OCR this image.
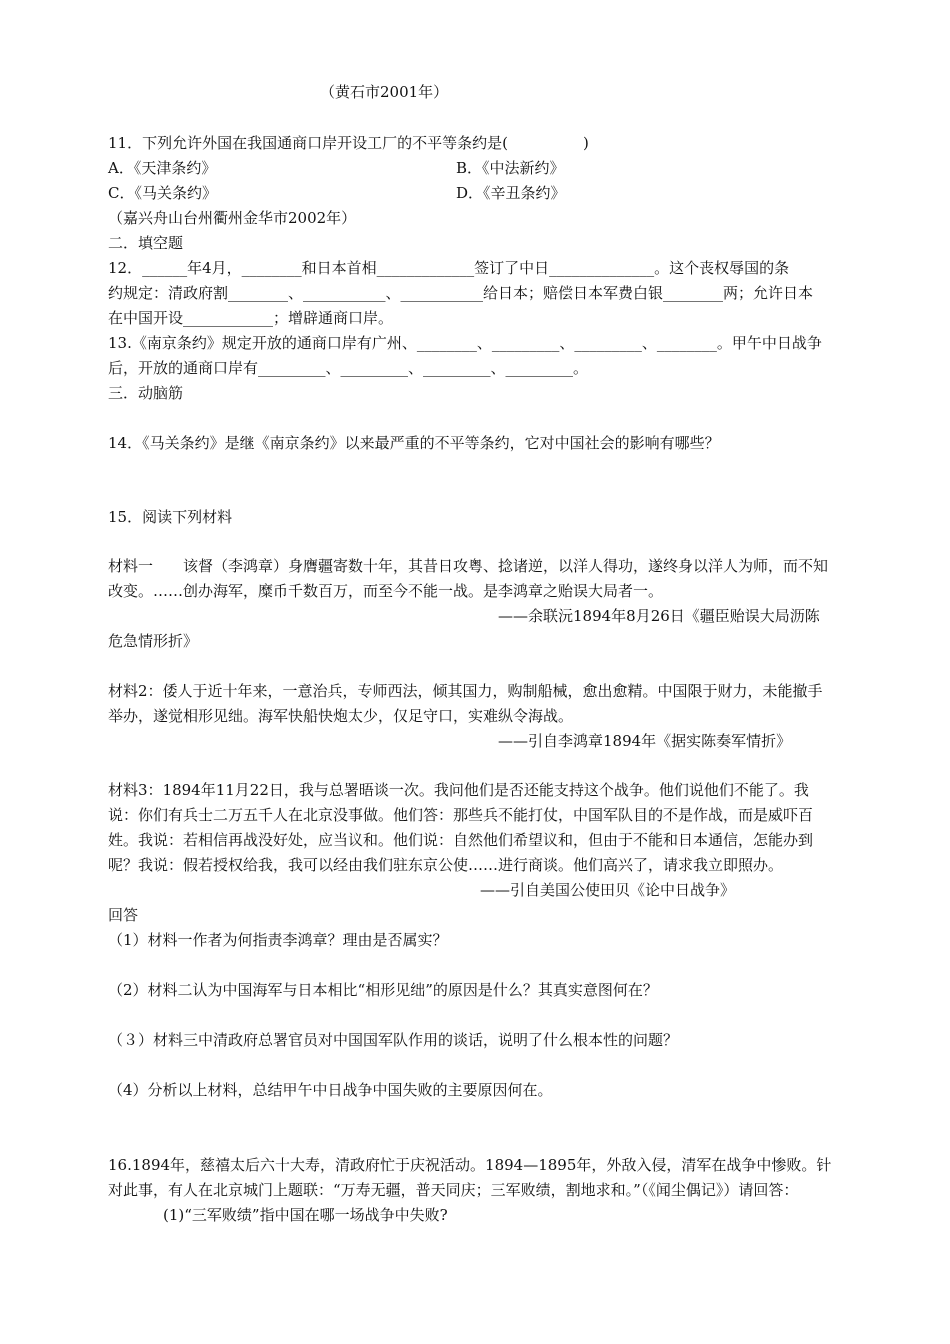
（黄石市2001年）
11．下列允许外国在我国通商口岸开设工厂的不平等条约是(　　　　　)
A．《天津条约》	B．《中法新约》
C．《马关条约》	D．《辛丑条约》
（嘉兴舟山台州衢州金华市2002年）
二．填空题
12．______年4月，________和日本首相_____________签订了中日______________。这个丧权辱国的条
约规定：清政府割________、___________、___________给日本；赔偿日本军费白银________两；允许日本
在中国开设____________；增辟通商口岸。
13.《南京条约》规定开放的通商口岸有广州、________、_________、_________、________。甲午中日战争
后，开放的通商口岸有_________、_________、_________、_________。
三．动脑筋
14．《马关条约》是继《南京条约》以来最严重的不平等条约，它对中国社会的影响有哪些？
15．阅读下列材料
材料一　　该督（李鸿章）身膺疆寄数十年，其昔日攻粤、捻诸逆，以洋人得功，遂终身以洋人为师，而不知
改变。……创办海军，糜币千数百万，而至今不能一战。是李鸿章之贻误大局者一。
——余联沅1894年8月26日《疆臣贻误大局沥陈
危急情形折》
材料2：倭人于近十年来，一意治兵，专师西法，倾其国力，购制船械，愈出愈精。中国限于财力，未能撤手
举办，遂觉相形见绌。海军快船快炮太少，仅足守口，实难纵令海战。
——引自李鸿章1894年《据实陈奏军情折》
材料3：1894年11月22日，我与总署晤谈一次。我问他们是否还能支持这个战争。他们说他们不能了。我
说：你们有兵士二万五千人在北京没事做。他们答：那些兵不能打仗，中国军队目的不是作战，而是威吓百
姓。我说：若相信再战没好处，应当议和。他们说：自然他们希望议和，但由于不能和日本通信，怎能办到
呢？我说：假若授权给我，我可以经由我们驻东京公使……进行商谈。他们高兴了，请求我立即照办。
——引自美国公使田贝《论中日战争》
回答
（1）材料一作者为何指责李鸿章？理由是否属实？
（2）材料二认为中国海军与日本相比“相形见绌”的原因是什么？其真实意图何在？
（３）材料三中清政府总署官员对中国国军队作用的谈话，说明了什么根本性的问题？
（4）分析以上材料，总结甲午中日战争中国失败的主要原因何在。
16.1894年，慈禧太后六十大寿，清政府忙于庆祝活动。1894—1895年，外敌入侵，清军在战争中惨败。针
对此事，有人在北京城门上题联：“万寿无疆，普天同庆；三军败绩，割地求和。”（《闻尘偶记》）请回答：
(1)“三军败绩”指中国在哪一场战争中失败?
